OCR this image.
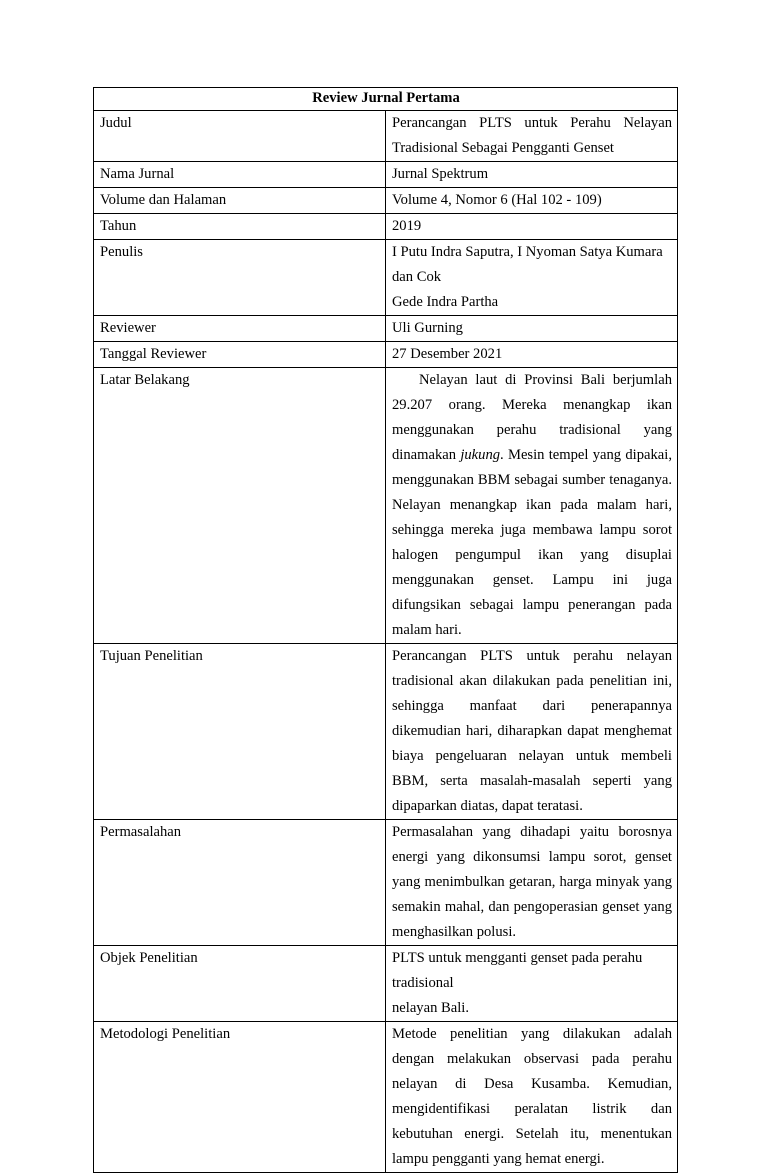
Review Jurnal Pertama	
Judul	Perancangan PLTS untuk Perahu Nelayan Tradisional Sebagai Pengganti Genset
Nama Jurnal	Jurnal Spektrum
Volume dan Halaman	Volume 4, Nomor 6 (Hal 102 - 109)
Tahun	2019
Penulis	I Putu Indra Saputra, I Nyoman Satya Kumara dan Cok
Gede Indra Partha

Reviewer	Uli Gurning
Tanggal Reviewer	27 Desember 2021
Latar Belakang	Nelayan laut di Provinsi Bali berjumlah 29.207 orang. Mereka menangkap ikan menggunakan perahu tradisional yang dinamakan jukung. Mesin tempel yang dipakai, menggunakan BBM sebagai sumber tenaganya. Nelayan menangkap ikan pada malam hari, sehingga mereka juga membawa lampu sorot halogen pengumpul ikan yang disuplai menggunakan genset. Lampu ini juga difungsikan sebagai lampu penerangan pada malam hari.
Tujuan Penelitian	Perancangan PLTS untuk perahu nelayan tradisional akan dilakukan pada penelitian ini, sehingga manfaat dari penerapannya dikemudian hari, diharapkan dapat menghemat biaya pengeluaran nelayan untuk membeli BBM, serta masalah-masalah seperti yang dipaparkan diatas, dapat teratasi.
Permasalahan	Permasalahan yang dihadapi yaitu borosnya energi yang dikonsumsi lampu sorot, genset yang menimbulkan getaran, harga minyak yang semakin mahal, dan pengoperasian genset yang menghasilkan polusi.
Objek Penelitian	PLTS untuk mengganti genset pada perahu tradisional
nelayan Bali.

Metodologi Penelitian	Metode penelitian yang dilakukan adalah dengan melakukan observasi pada perahu nelayan di Desa Kusamba. Kemudian, mengidentifikasi peralatan listrik dan kebutuhan energi. Setelah itu, menentukan lampu pengganti yang hemat energi.
